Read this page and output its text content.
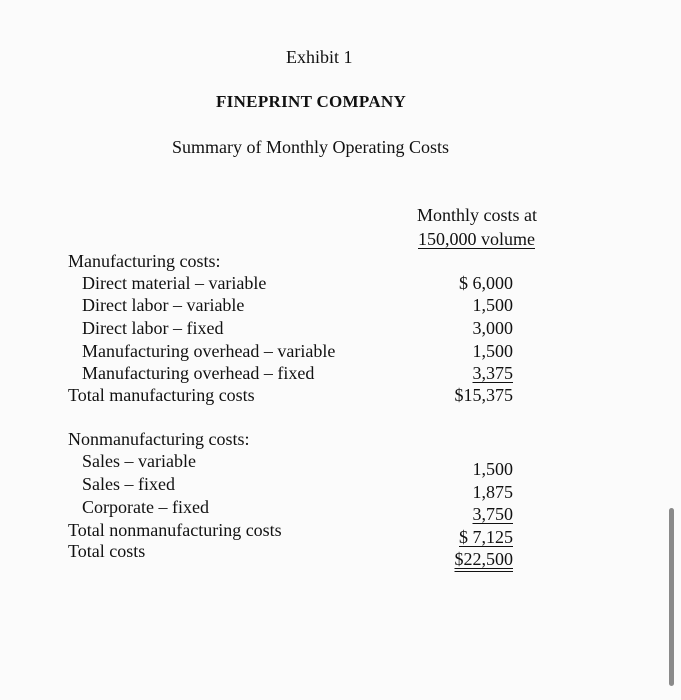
Exhibit 1
FINEPRINT COMPANY
Summary of Monthly Operating Costs
Monthly costs at
150,000 volume
Manufacturing costs:
Direct material – variable	$ 6,000
Direct labor – variable	1,500
Direct labor – fixed	3,000
Manufacturing overhead – variable	1,500
Manufacturing overhead – fixed	3,375
Total manufacturing costs	$15,375
Nonmanufacturing costs:
Sales – variable	1,500
Sales – fixed	1,875
Corporate – fixed	3,750
Total nonmanufacturing costs	$ 7,125
Total costs	$22,500
